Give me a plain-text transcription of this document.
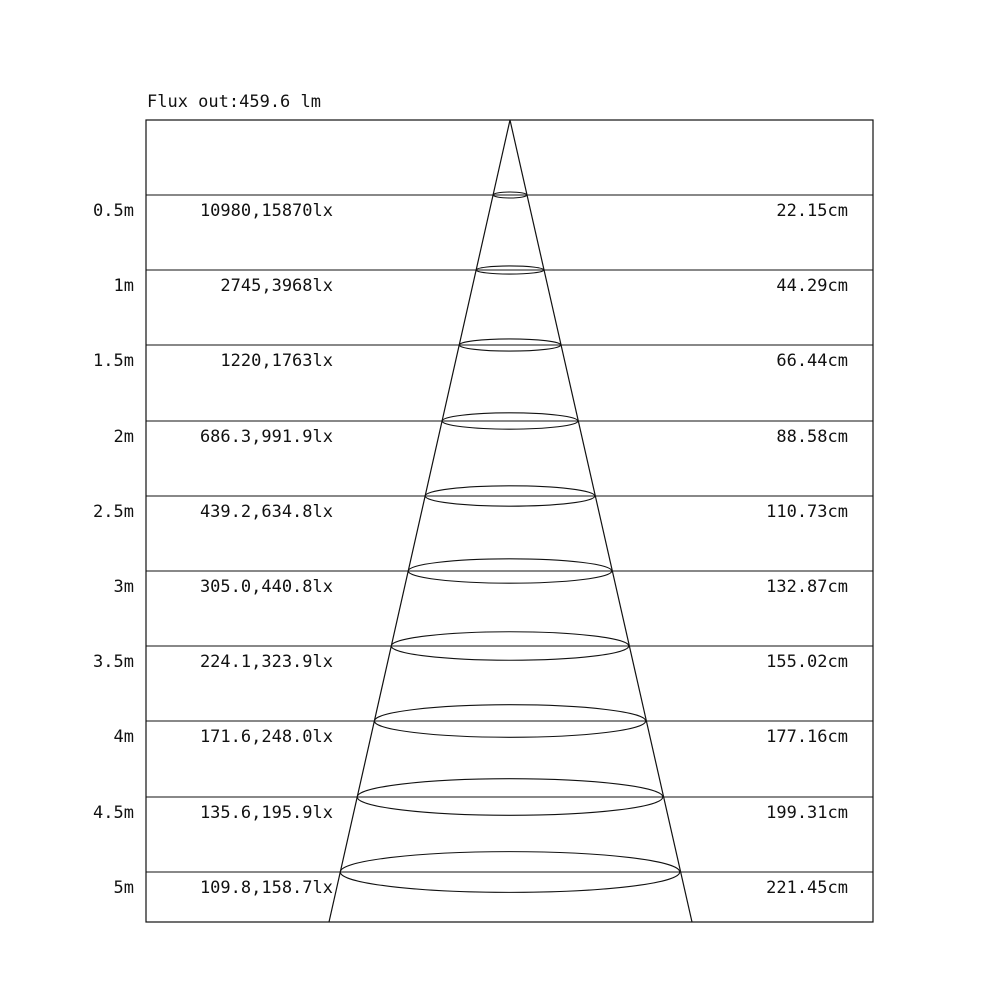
Flux out:459.6 lm
0.5m	10980,15870lx	22.15cm
1m	2745,3968lx	44.29cm
1.5m	1220,1763lx	66.44cm
2m	686.3,991.9lx	88.58cm
2.5m	439.2,634.8lx	110.73cm
3m	305.0,440.8lx	132.87cm
3.5m	224.1,323.9lx	155.02cm
4m	171.6,248.0lx	177.16cm
4.5m	135.6,195.9lx	199.31cm
5m	109.8,158.7lx	221.45cm
